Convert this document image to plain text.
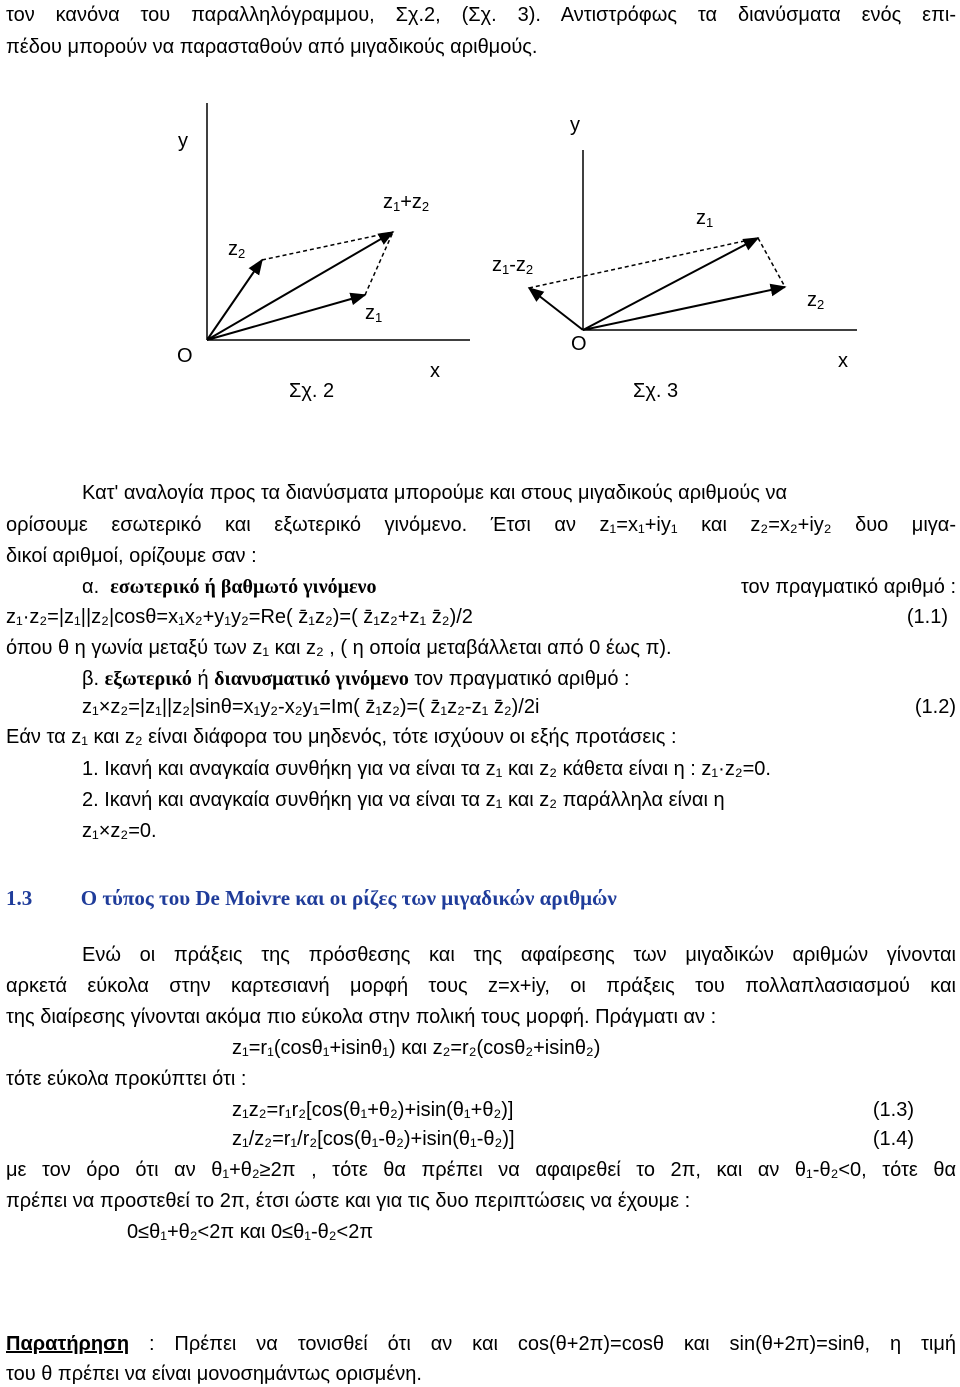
τον κανόνα του παραλληλόγραμμου, Σχ.2, (Σχ. 3). Αντιστρόφως τα διανύσματα ενός επι-
πέδου μπορούν να παρασταθούν από μιγαδικούς αριθμούς.
y
O
x
$z_1+z_2$
$z_2$
$z_1$
Σχ. 2
y
O
x
$z_1$
$z_2$
$z_1-z_2$
Σχ. 3
Κατ' αναλογία προς τα διανύσματα μπορούμε και στους μιγαδικούς αριθμούς να
ορίσουμε εσωτερικό και εξωτερικό γινόμενο. Έτσι αν z₁=x₁+iy₁ και z₂=x₂+iy₂ δυο μιγα-
δικοί αριθμοί, ορίζουμε σαν :
α. εσωτερικό ή βαθμωτό γινόμενο	τον πραγματικό αριθμό :
z₁·z₂=|z₁||z₂|cosθ=x₁x₂+y₁y₂=Re( z̄₁z₂)=( z̄₁z₂+z₁ z̄₂)/2	(1.1)
όπου θ η γωνία μεταξύ των z₁ και z₂ , ( η οποία μεταβάλλεται από 0 έως π).
β. εξωτερικό ή διανυσματικό γινόμενο τον πραγματικό αριθμό :
z₁×z₂=|z₁||z₂|sinθ=x₁y₂-x₂y₁=Im( z̄₁z₂)=( z̄₁z₂-z₁ z̄₂)/2i	(1.2)
Εάν τα z₁ και z₂ είναι διάφορα του μηδενός, τότε ισχύουν οι εξής προτάσεις :
1. Ικανή και αναγκαία συνθήκη για να είναι τα z₁ και z₂ κάθετα είναι η : z₁·z₂=0.
2. Ικανή και αναγκαία συνθήκη για να είναι τα z₁ και z₂ παράλληλα είναι η
z₁×z₂=0.
1.3 Ο τύπος του De Moivre και οι ρίζες των μιγαδικών αριθμών
Ενώ οι πράξεις της πρόσθεσης και της αφαίρεσης των μιγαδικών αριθμών γίνονται
αρκετά εύκολα στην καρτεσιανή μορφή τους z=x+iy, οι πράξεις του πολλαπλασιασμού και
της διαίρεσης γίνονται ακόμα πιο εύκολα στην πολική τους μορφή. Πράγματι αν :
z₁=r₁(cosθ₁+isinθ₁) και z₂=r₂(cosθ₂+isinθ₂)
τότε εύκολα προκύπτει ότι :
z₁z₂=r₁r₂[cos(θ₁+θ₂)+isin(θ₁+θ₂)]	(1.3)
z₁/z₂=r₁/r₂[cos(θ₁-θ₂)+isin(θ₁-θ₂)]	(1.4)
με τον όρο ότι αν θ₁+θ₂≥2π , τότε θα πρέπει να αφαιρεθεί το 2π, και αν θ₁-θ₂<0, τότε θα
πρέπει να προστεθεί το 2π, έτσι ώστε και για τις δυο περιπτώσεις να έχουμε :
0≤θ₁+θ₂<2π και 0≤θ₁-θ₂<2π
Παρατήρηση : Πρέπει να τονισθεί ότι αν και cos(θ+2π)=cosθ και sin(θ+2π)=sinθ, η τιμή
του θ πρέπει να είναι μονοσημάντως ορισμένη.
